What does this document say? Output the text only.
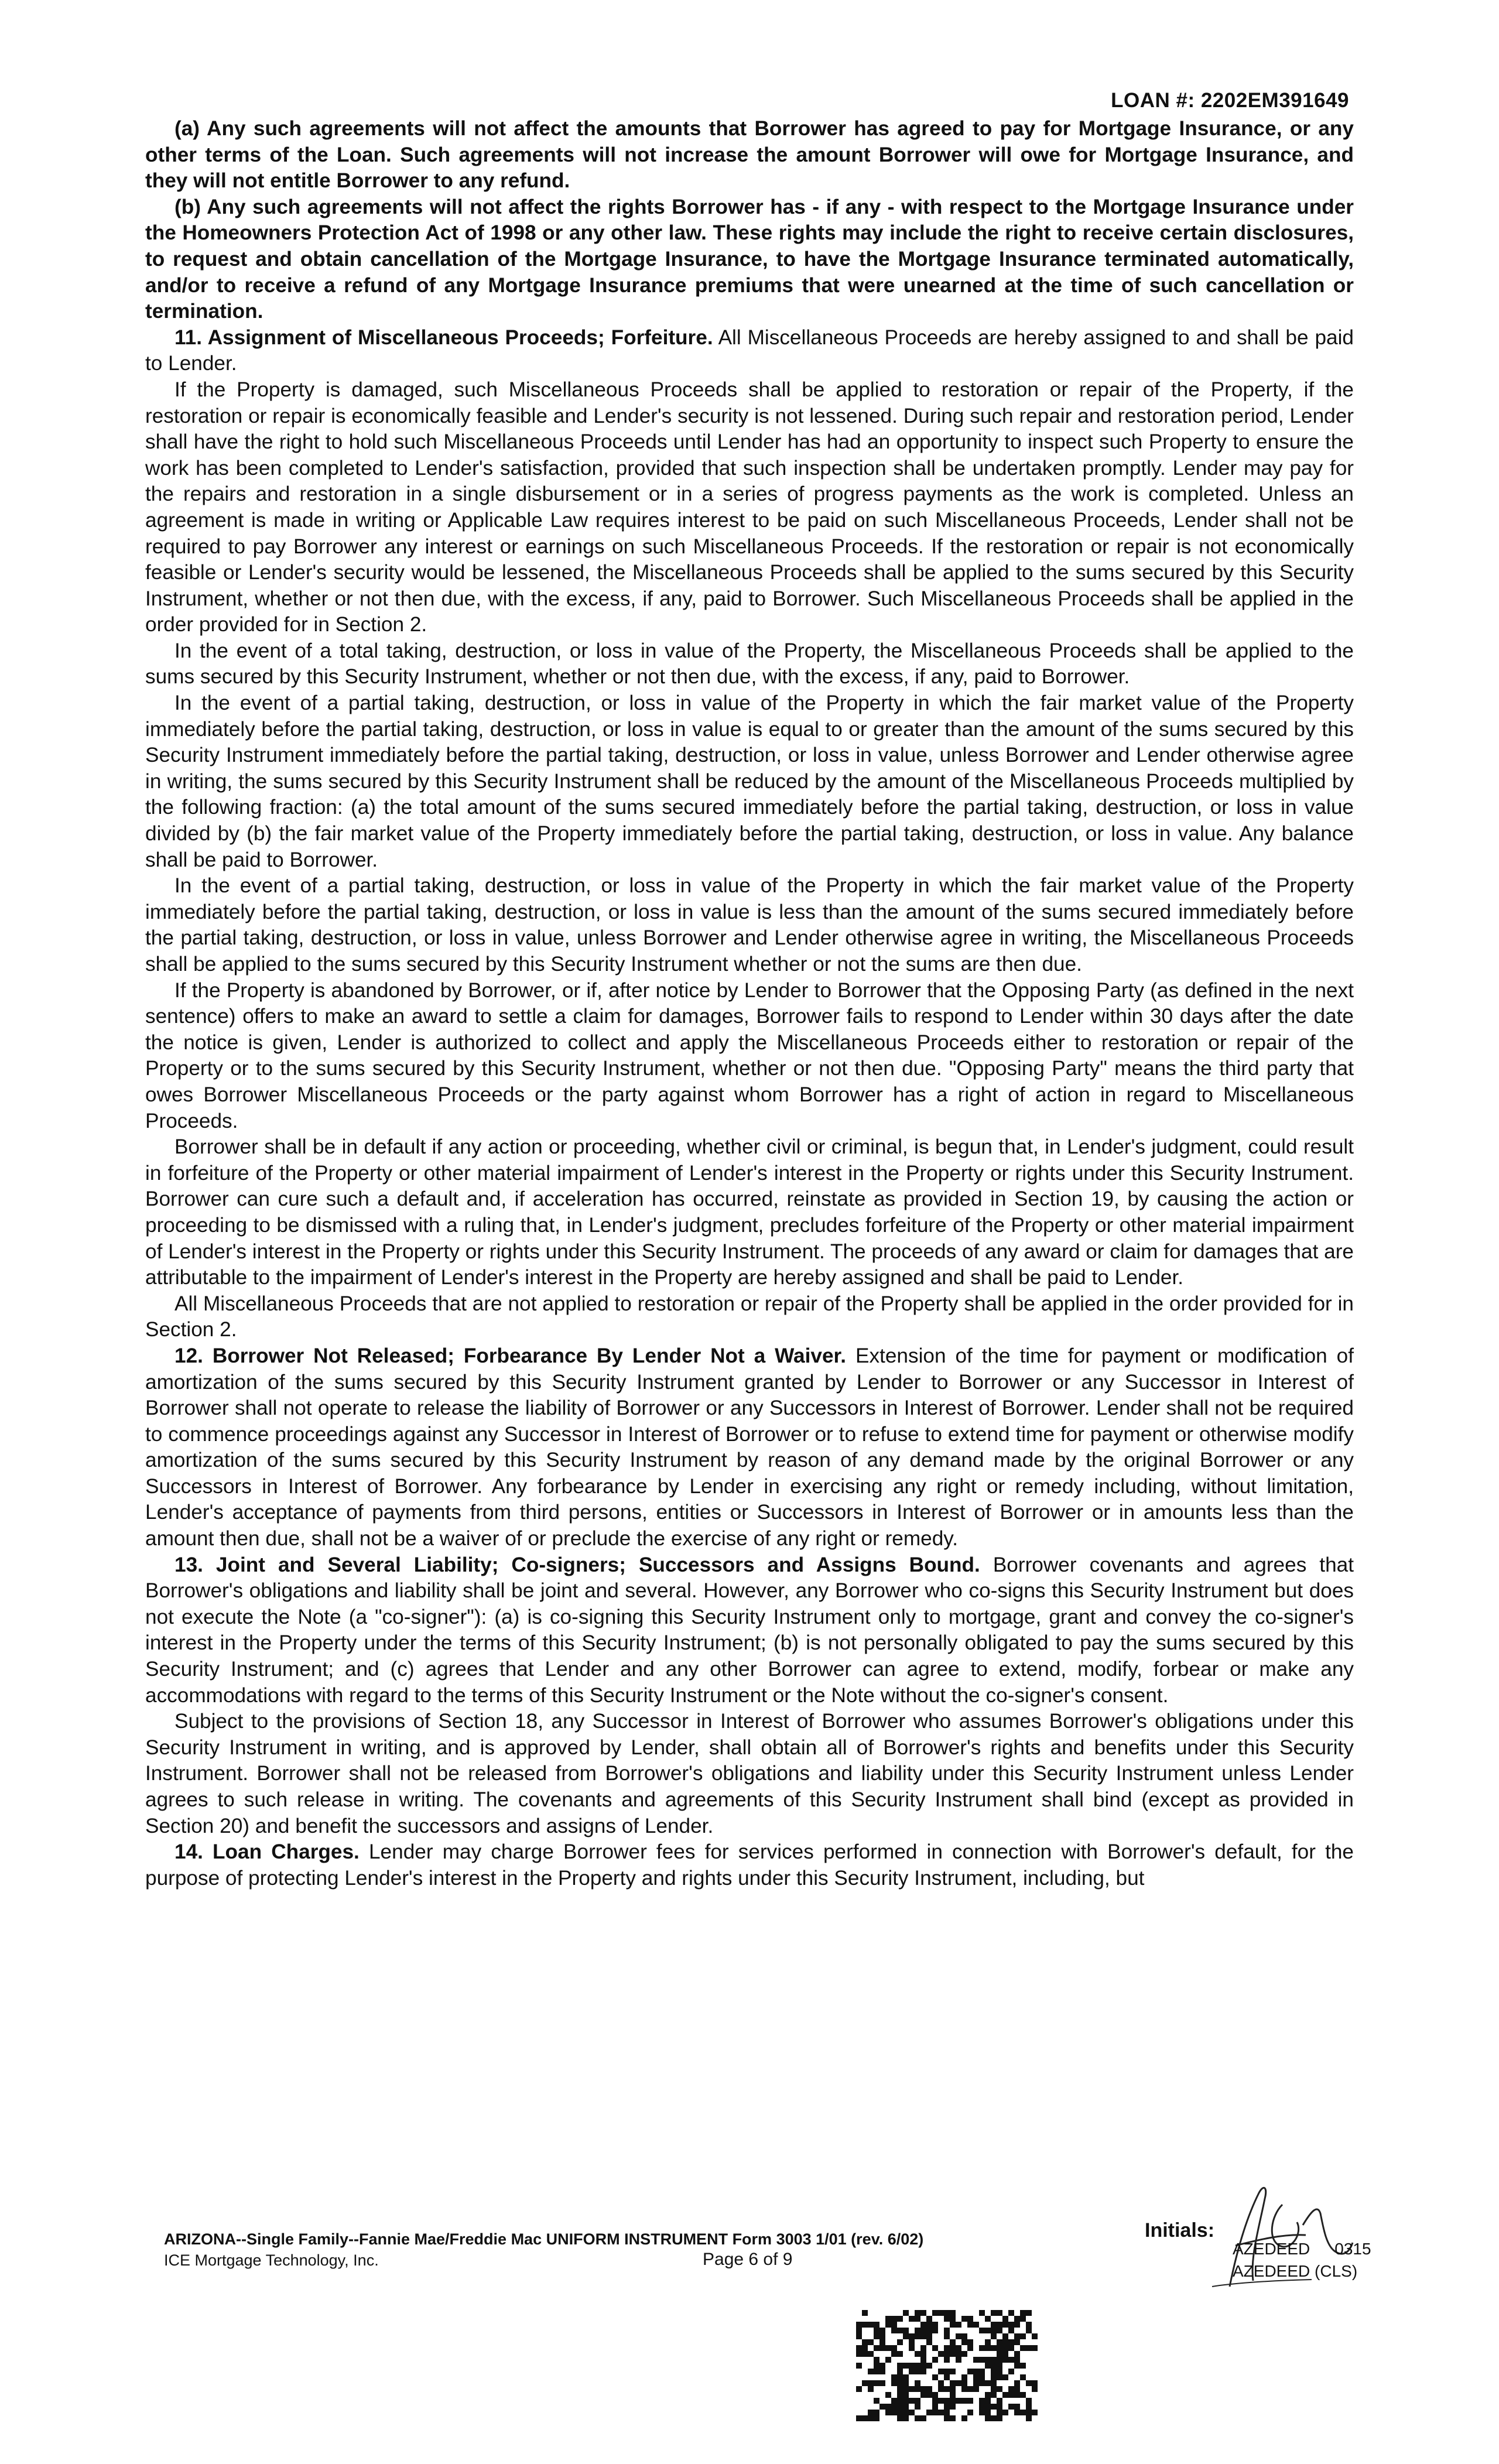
LOAN #: 2202EM391649

(a) Any such agreements will not affect the amounts that Borrower has agreed to pay for Mortgage Insurance, or any other terms of the Loan. Such agreements will not increase the amount Borrower will owe for Mortgage Insurance, and they will not entitle Borrower to any refund.

(b) Any such agreements will not affect the rights Borrower has - if any - with respect to the Mortgage Insurance under the Homeowners Protection Act of 1998 or any other law. These rights may include the right to receive certain disclosures, to request and obtain cancellation of the Mortgage Insurance, to have the Mortgage Insurance terminated automatically, and/or to receive a refund of any Mortgage Insurance premiums that were unearned at the time of such cancellation or termination.

11. Assignment of Miscellaneous Proceeds; Forfeiture. All Miscellaneous Proceeds are hereby assigned to and shall be paid to Lender.

If the Property is damaged, such Miscellaneous Proceeds shall be applied to restoration or repair of the Property, if the restoration or repair is economically feasible and Lender's security is not lessened. During such repair and restoration period, Lender shall have the right to hold such Miscellaneous Proceeds until Lender has had an opportunity to inspect such Property to ensure the work has been completed to Lender's satisfaction, provided that such inspection shall be undertaken promptly. Lender may pay for the repairs and restoration in a single disbursement or in a series of progress payments as the work is completed. Unless an agreement is made in writing or Applicable Law requires interest to be paid on such Miscellaneous Proceeds, Lender shall not be required to pay Borrower any interest or earnings on such Miscellaneous Proceeds. If the restoration or repair is not economically feasible or Lender's security would be lessened, the Miscellaneous Proceeds shall be applied to the sums secured by this Security Instrument, whether or not then due, with the excess, if any, paid to Borrower. Such Miscellaneous Proceeds shall be applied in the order provided for in Section 2.

In the event of a total taking, destruction, or loss in value of the Property, the Miscellaneous Proceeds shall be applied to the sums secured by this Security Instrument, whether or not then due, with the excess, if any, paid to Borrower.

In the event of a partial taking, destruction, or loss in value of the Property in which the fair market value of the Property immediately before the partial taking, destruction, or loss in value is equal to or greater than the amount of the sums secured by this Security Instrument immediately before the partial taking, destruction, or loss in value, unless Borrower and Lender otherwise agree in writing, the sums secured by this Security Instrument shall be reduced by the amount of the Miscellaneous Proceeds multiplied by the following fraction: (a) the total amount of the sums secured immediately before the partial taking, destruction, or loss in value divided by (b) the fair market value of the Property immediately before the partial taking, destruction, or loss in value. Any balance shall be paid to Borrower.

In the event of a partial taking, destruction, or loss in value of the Property in which the fair market value of the Property immediately before the partial taking, destruction, or loss in value is less than the amount of the sums secured immediately before the partial taking, destruction, or loss in value, unless Borrower and Lender otherwise agree in writing, the Miscellaneous Proceeds shall be applied to the sums secured by this Security Instrument whether or not the sums are then due.

If the Property is abandoned by Borrower, or if, after notice by Lender to Borrower that the Opposing Party (as defined in the next sentence) offers to make an award to settle a claim for damages, Borrower fails to respond to Lender within 30 days after the date the notice is given, Lender is authorized to collect and apply the Miscellaneous Proceeds either to restoration or repair of the Property or to the sums secured by this Security Instrument, whether or not then due. "Opposing Party" means the third party that owes Borrower Miscellaneous Proceeds or the party against whom Borrower has a right of action in regard to Miscellaneous Proceeds.

Borrower shall be in default if any action or proceeding, whether civil or criminal, is begun that, in Lender's judgment, could result in forfeiture of the Property or other material impairment of Lender's interest in the Property or rights under this Security Instrument. Borrower can cure such a default and, if acceleration has occurred, reinstate as provided in Section 19, by causing the action or proceeding to be dismissed with a ruling that, in Lender's judgment, precludes forfeiture of the Property or other material impairment of Lender's interest in the Property or rights under this Security Instrument. The proceeds of any award or claim for damages that are attributable to the impairment of Lender's interest in the Property are hereby assigned and shall be paid to Lender.

All Miscellaneous Proceeds that are not applied to restoration or repair of the Property shall be applied in the order provided for in Section 2.

12. Borrower Not Released; Forbearance By Lender Not a Waiver. Extension of the time for payment or modification of amortization of the sums secured by this Security Instrument granted by Lender to Borrower or any Successor in Interest of Borrower shall not operate to release the liability of Borrower or any Successors in Interest of Borrower. Lender shall not be required to commence proceedings against any Successor in Interest of Borrower or to refuse to extend time for payment or otherwise modify amortization of the sums secured by this Security Instrument by reason of any demand made by the original Borrower or any Successors in Interest of Borrower. Any forbearance by Lender in exercising any right or remedy including, without limitation, Lender's acceptance of payments from third persons, entities or Successors in Interest of Borrower or in amounts less than the amount then due, shall not be a waiver of or preclude the exercise of any right or remedy.

13. Joint and Several Liability; Co-signers; Successors and Assigns Bound. Borrower covenants and agrees that Borrower's obligations and liability shall be joint and several. However, any Borrower who co-signs this Security Instrument but does not execute the Note (a "co-signer"): (a) is co-signing this Security Instrument only to mortgage, grant and convey the co-signer's interest in the Property under the terms of this Security Instrument; (b) is not personally obligated to pay the sums secured by this Security Instrument; and (c) agrees that Lender and any other Borrower can agree to extend, modify, forbear or make any accommodations with regard to the terms of this Security Instrument or the Note without the co-signer's consent.

Subject to the provisions of Section 18, any Successor in Interest of Borrower who assumes Borrower's obligations under this Security Instrument in writing, and is approved by Lender, shall obtain all of Borrower's rights and benefits under this Security Instrument. Borrower shall not be released from Borrower's obligations and liability under this Security Instrument unless Lender agrees to such release in writing. The covenants and agreements of this Security Instrument shall bind (except as provided in Section 20) and benefit the successors and assigns of Lender.

14. Loan Charges. Lender may charge Borrower fees for services performed in connection with Borrower's default, for the purpose of protecting Lender's interest in the Property and rights under this Security Instrument, including, but

ARIZONA--Single Family--Fannie Mae/Freddie Mac UNIFORM INSTRUMENT Form 3003 1/01 (rev. 6/02)
ICE Mortgage Technology, Inc.	Page 6 of 9
Initials:
AZEDEED 0315
AZEDEED (CLS)
